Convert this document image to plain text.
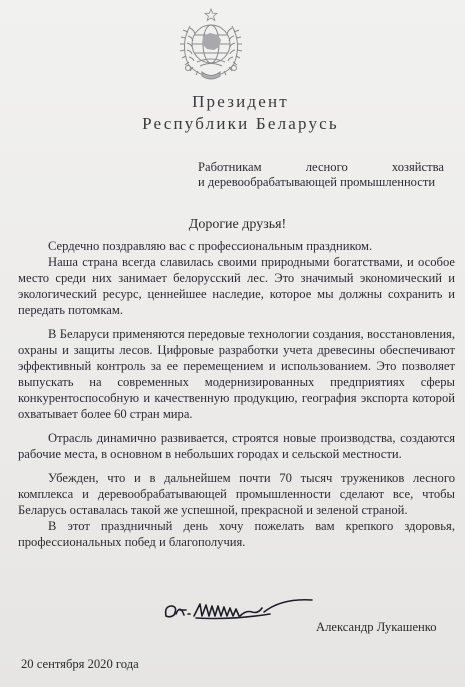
Президент
Республики Беларусь
Работникам лесного хозяйства
и деревообрабатывающей промышленности
Дорогие друзья!

Сердечно поздравляю вас с профессиональным праздником.

Наша страна всегда славилась своими природными богатствами, и особое место среди них занимает белорусский лес. Это значимый экономический и экологический ресурс, ценнейшее наследие, которое мы должны сохранить и передать потомкам.

В Беларуси применяются передовые технологии создания, восстановления, охраны и защиты лесов. Цифровые разработки учета древесины обеспечивают эффективный контроль за ее перемещением и использованием. Это позволяет выпускать на современных модернизированных предприятиях сферы конкурентоспособную и качественную продукцию, география экспорта которой охватывает более 60 стран мира.

Отрасль динамично развивается, строятся новые производства, создаются рабочие места, в основном в небольших городах и сельской местности.

Убежден, что и в дальнейшем почти 70 тысяч тружеников лесного комплекса и деревообрабатывающей промышленности сделают все, чтобы Беларусь оставалась такой же успешной, прекрасной и зеленой страной.

В этот праздничный день хочу пожелать вам крепкого здоровья, профессиональных побед и благополучия.

Александр Лукашенко
20 сентября 2020 года
